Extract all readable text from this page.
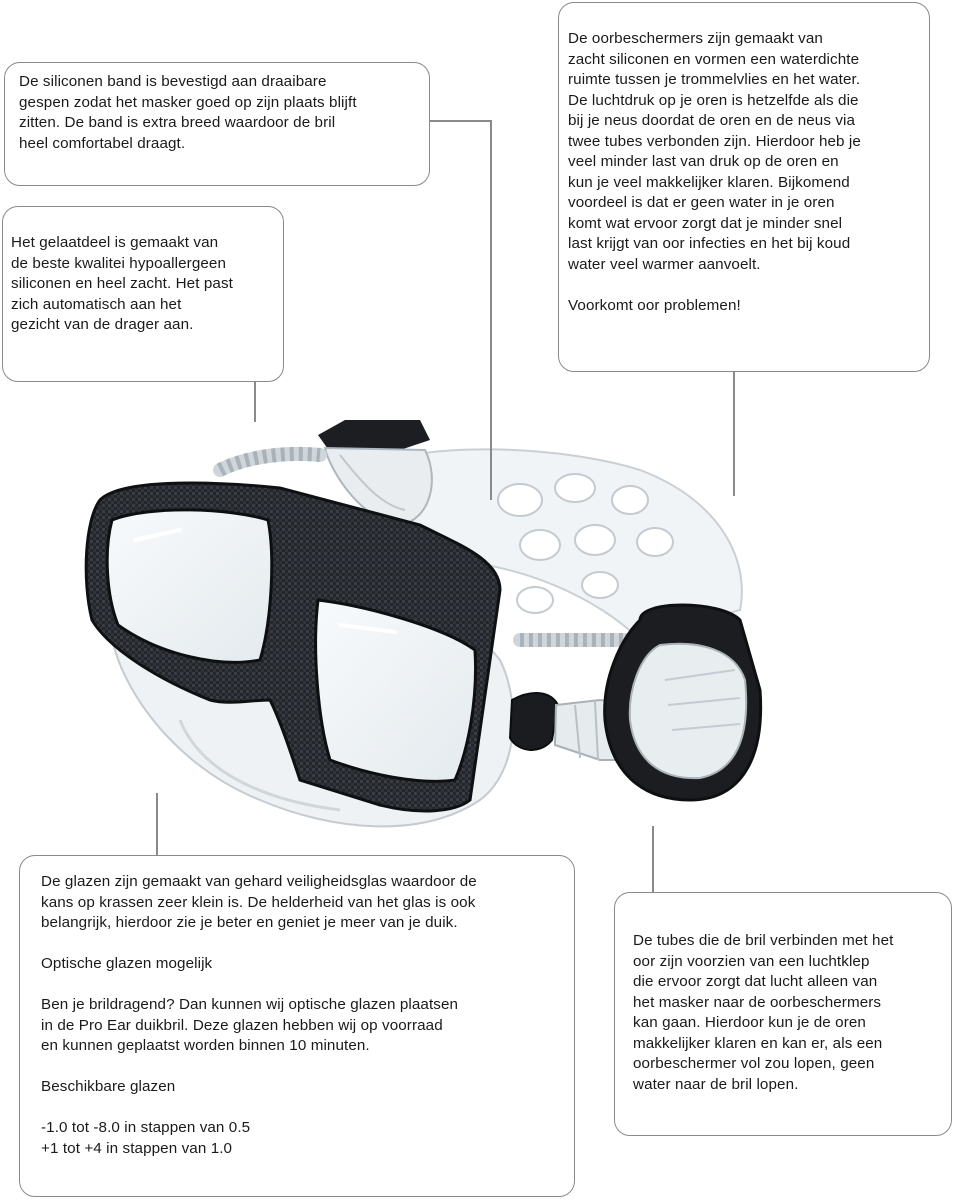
De siliconen band is bevestigd aan draaibare
gespen zodat het masker goed op zijn plaats blijft
zitten. De band is extra breed waardoor de bril
heel comfortabel draagt.

Het gelaatdeel is gemaakt van
de beste kwalitei hypoallergeen
siliconen en heel zacht. Het past
zich automatisch aan het
gezicht van de drager aan.

De oorbeschermers zijn gemaakt van
zacht siliconen en vormen een waterdichte
ruimte tussen je trommelvlies en het water.
De luchtdruk op je oren is hetzelfde als die
bij je neus doordat de oren en de neus via
twee tubes verbonden zijn. Hierdoor heb je
veel minder last van druk op de oren en
kun je veel makkelijker klaren. Bijkomend
voordeel is dat er geen water in je oren
komt wat ervoor zorgt dat je minder snel
last krijgt van oor infecties en het bij koud
water veel warmer aanvoelt.

Voorkomt oor problemen!

De glazen zijn gemaakt van gehard veiligheidsglas waardoor de
kans op krassen zeer klein is. De helderheid van het glas is ook
belangrijk, hierdoor zie je beter en geniet je meer van je duik.

Optische glazen mogelijk

Ben je brildragend? Dan kunnen wij optische glazen plaatsen
in de Pro Ear duikbril. Deze glazen hebben wij op voorraad
en kunnen geplaatst worden binnen 10 minuten.

Beschikbare glazen

-1.0 tot -8.0 in stappen van 0.5
+1 tot +4 in stappen van 1.0

De tubes die de bril verbinden met het
oor zijn voorzien van een luchtklep
die ervoor zorgt dat lucht alleen van
het masker naar de oorbeschermers
kan gaan. Hierdoor kun je de oren
makkelijker klaren en kan er, als een
oorbeschermer vol zou lopen, geen
water naar de bril lopen.
